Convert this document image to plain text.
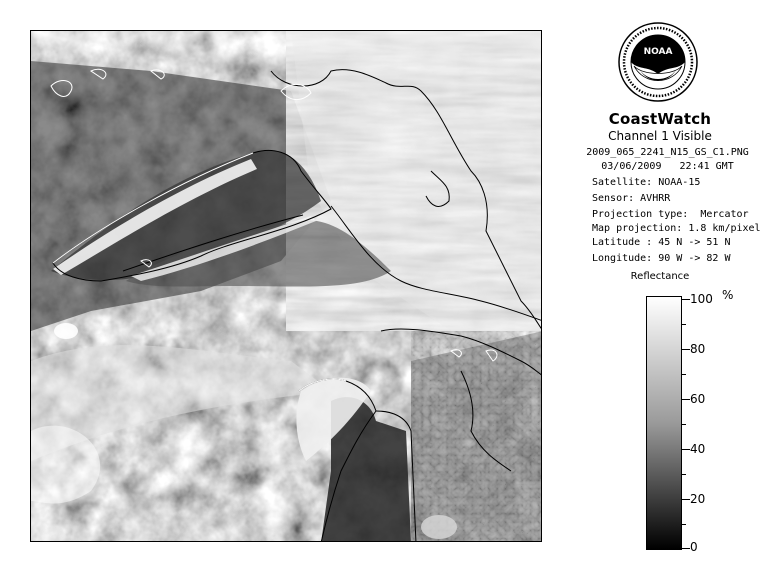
NOAA
CoastWatch
Channel 1 Visible
2009_065_2241_N15_GS_C1.PNG
03/06/2009   22:41 GMT
Satellite: NOAA-15
Sensor: AVHRR
Projection type:  Mercator
Map projection: 1.8 km/pixel
Latitude : 45 N -> 51 N
Longitude: 90 W -> 82 W
Reflectance
%
100
80
60
40
20
0
